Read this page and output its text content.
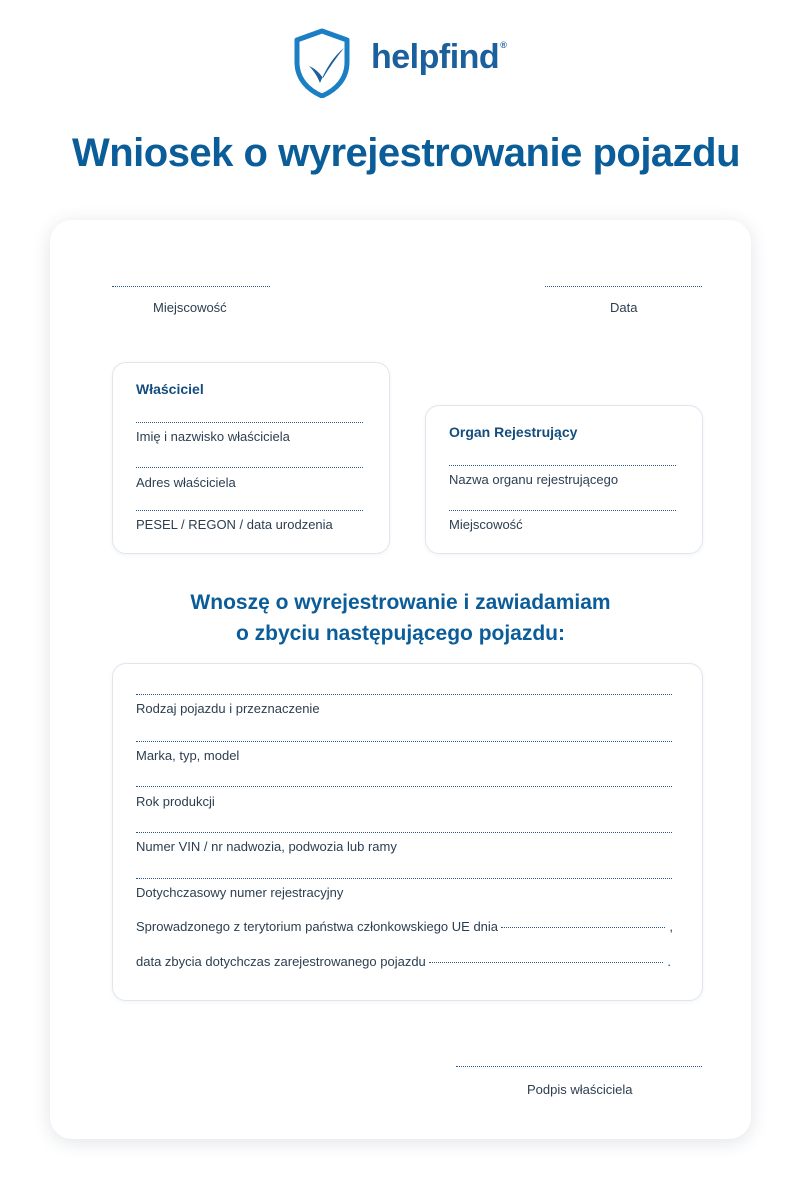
helpfind®
Wniosek o wyrejestrowanie pojazdu
Miejscowość	Data
Właściciel
Imię i nazwisko właściciela
Adres właściciela
PESEL / REGON / data urodzenia
Organ Rejestrujący
Nazwa organu rejestrującego
Miejscowość
Wnoszę o wyrejestrowanie i zawiadamiam
o zbyciu następującego pojazdu:
Rodzaj pojazdu i przeznaczenie
Marka, typ, model
Rok produkcji
Numer VIN / nr nadwozia, podwozia lub ramy
Dotychczasowy numer rejestracyjny
Sprowadzonego z terytorium państwa członkowskiego UE dnia	,
data zbycia dotychczas zarejestrowanego pojazdu	.
Podpis właściciela
